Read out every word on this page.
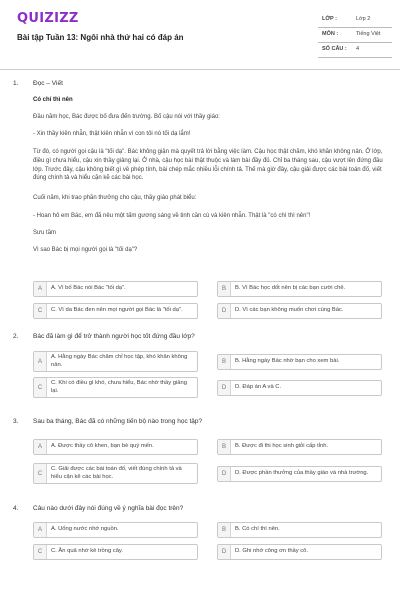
QUIZIZZ
Bài tập Tuần 13: Ngôi nhà thứ hai có đáp án
LỚP :	Lớp 2
MÔN :	Tiếng Việt
SỐ CÂU : 4
1. Đọc – Viết
Có chí thì nên
Đầu năm học, Bác được bố đưa đến trường. Bố cậu nói với thầy giáo:
- Xin thầy kiên nhẫn, thật kiên nhẫn vì con tôi nó tối dạ lắm!
Từ đó, có người gọi cậu là "tối dạ". Bác không giận mà quyết trả lời bằng việc làm. Cậu học thật chăm, khó khăn không nản. Ở lớp, điều gì chưa hiểu, cậu xin thầy giảng lại. Ở nhà, cậu học bài thật thuộc và làm bài đầy đủ. Chỉ ba tháng sau, cậu vượt lên đứng đầu lớp. Trước đây, cậu không biết gì về phép tính, bài chép mắc nhiều lỗi chính tả. Thế mà giờ đây, cậu giải được các bài toán đố, viết đúng chính tả và hiểu cặn kẽ các bài học.
Cuối năm, khi trao phần thưởng cho cậu, thầy giáo phát biểu:
- Hoan hô em Bác, em đã nêu một tấm gương sáng về tinh cần cù và kiên nhẫn. Thật là "có chí thì nên"!
Sưu tầm
Vì sao Bác bị mọi người gọi là "tối dạ"?
A	A. Vì bố Bác nói Bác "tối dạ".	B	B. Vì Bác học dốt nên bị các bạn cười chê.
C	C. Vì da Bác đen nên mọi người gọi Bác là "tối dạ".	D	D. Vì các bạn không muốn chơi cùng Bác.
2. Bác đã làm gì để trở thành người học tốt đứng đầu lớp?
A
A. Hằng ngày Bác chăm chỉ học tập, khó khăn không nản.	B	B. Hằng ngày Bác nhờ bạn cho xem bài.
C
C. Khi có điều gì khó, chưa hiểu, Bác nhờ thầy giảng lại.	D	D. Đáp án A và C.
3. Sau ba tháng, Bác đã có những tiến bộ nào trong học tập?
A	A. Được thầy cô khen, bạn bè quý mến.	B	B. Được đi thi học sinh giỏi cấp tỉnh.
C
C. Giải được các bài toán đố, viết đúng chính tả và hiểu cặn kẽ các bài học.	D	D. Được phần thưởng của thầy giáo và nhà trường.
4. Câu nào dưới đây nói đúng về ý nghĩa bài đọc trên?
A	A. Uống nước nhớ nguồn.	B	B. Có chí thì nên.
C	C. Ăn quả nhớ kẻ trồng cây.	D	D. Ghi nhớ công ơn thầy cô.
